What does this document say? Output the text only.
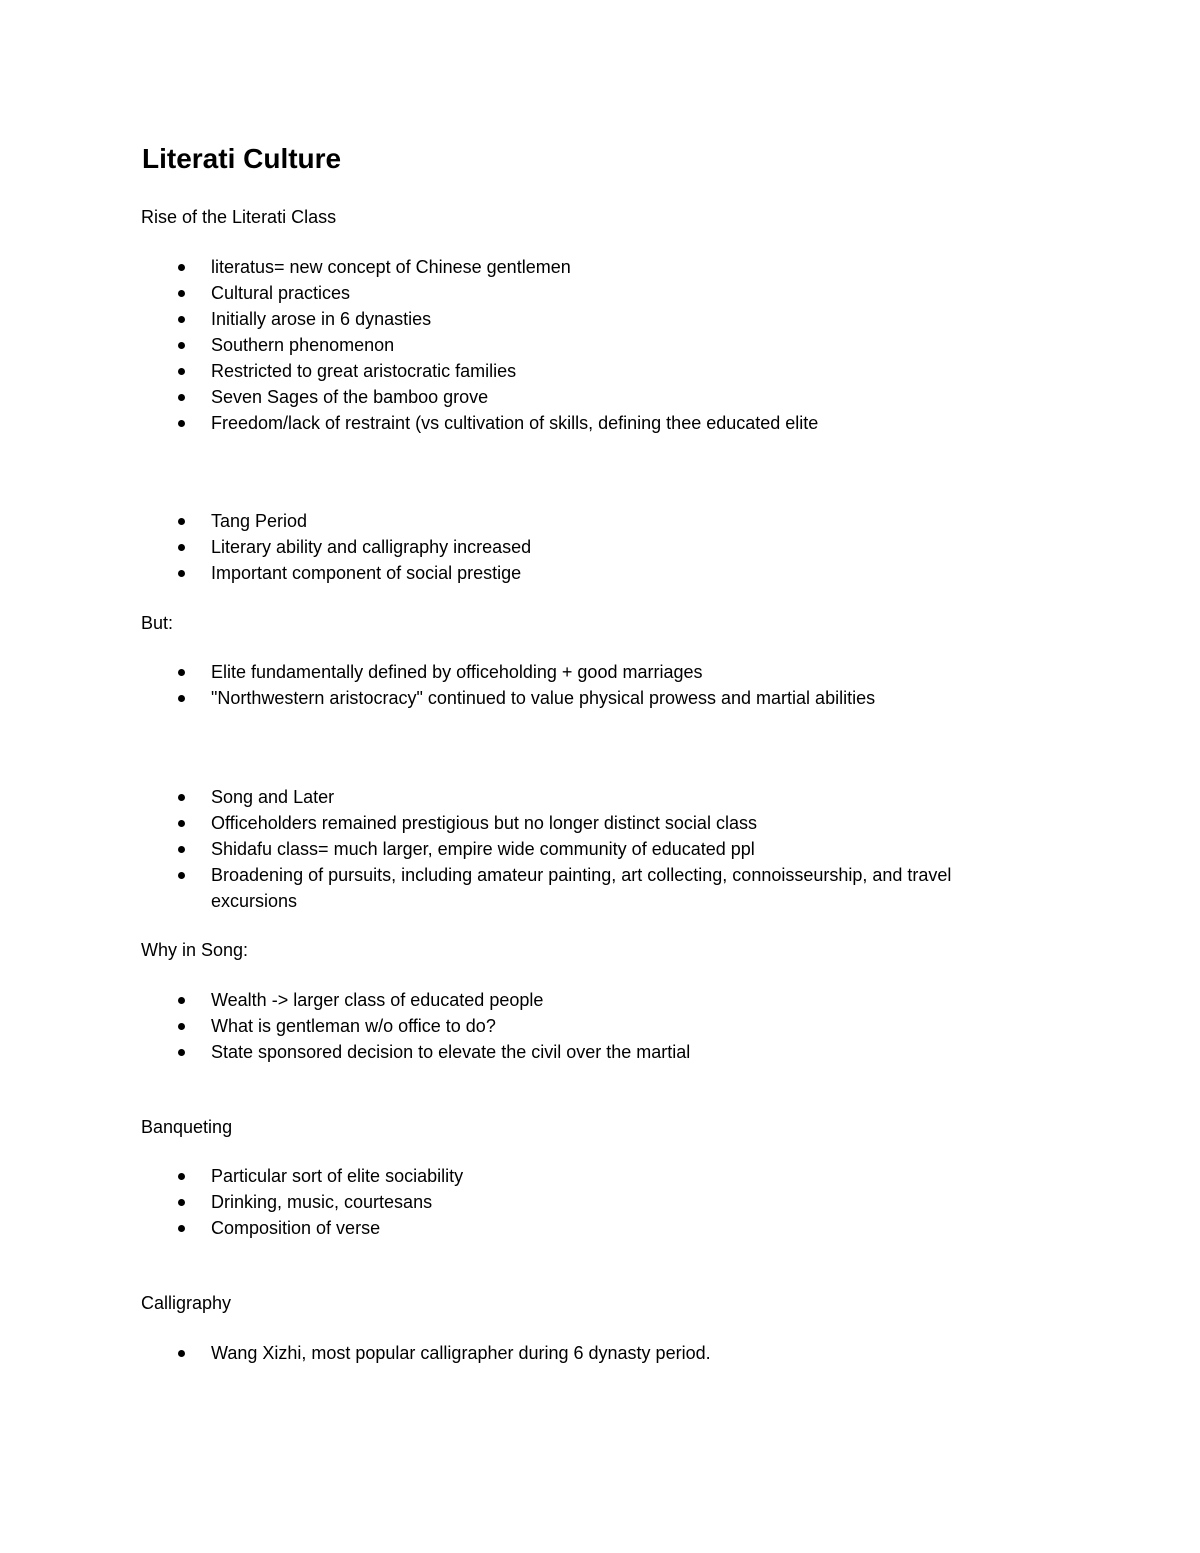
Literati Culture
Rise of the Literati Class
literatus= new concept of Chinese gentlemen
Cultural practices
Initially arose in 6 dynasties
Southern phenomenon
Restricted to great aristocratic families
Seven Sages of the bamboo grove
Freedom/lack of restraint (vs cultivation of skills, defining thee educated elite
Tang Period
Literary ability and calligraphy increased
Important component of social prestige
But:
Elite fundamentally defined by officeholding + good marriages
"Northwestern aristocracy" continued to value physical prowess and martial abilities
Song and Later
Officeholders remained prestigious but no longer distinct social class
Shidafu class= much larger, empire wide community of educated ppl
Broadening of pursuits, including amateur painting, art collecting, connoisseurship, and travel excursions
Why in Song:
Wealth -> larger class of educated people
What is gentleman w/o office to do?
State sponsored decision to elevate the civil over the martial
Banqueting
Particular sort of elite sociability
Drinking, music, courtesans
Composition of verse
Calligraphy
Wang Xizhi, most popular calligrapher during 6 dynasty period.
